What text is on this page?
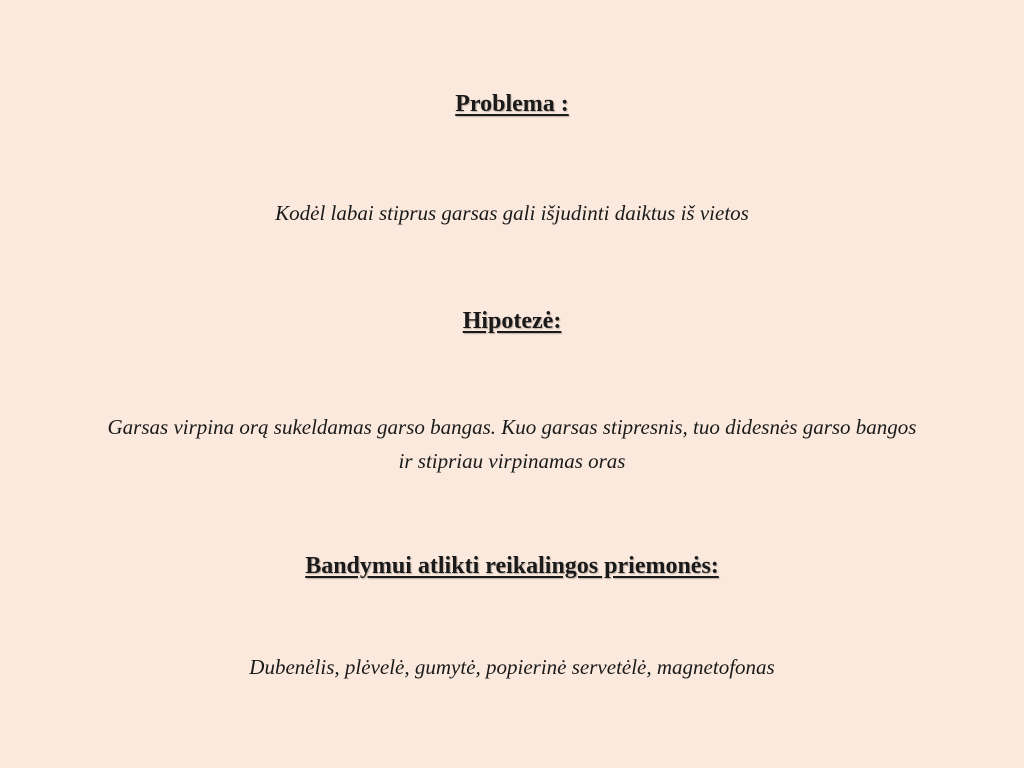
Problema :
Kodėl labai stiprus garsas gali išjudinti daiktus iš vietos
Hipotezė:
Garsas virpina orą sukeldamas garso bangas. Kuo garsas stipresnis, tuo didesnės garso bangos
ir stipriau virpinamas oras
Bandymui atlikti reikalingos priemonės:
Dubenėlis, plėvelė, gumytė, popierinė servetėlė, magnetofonas
